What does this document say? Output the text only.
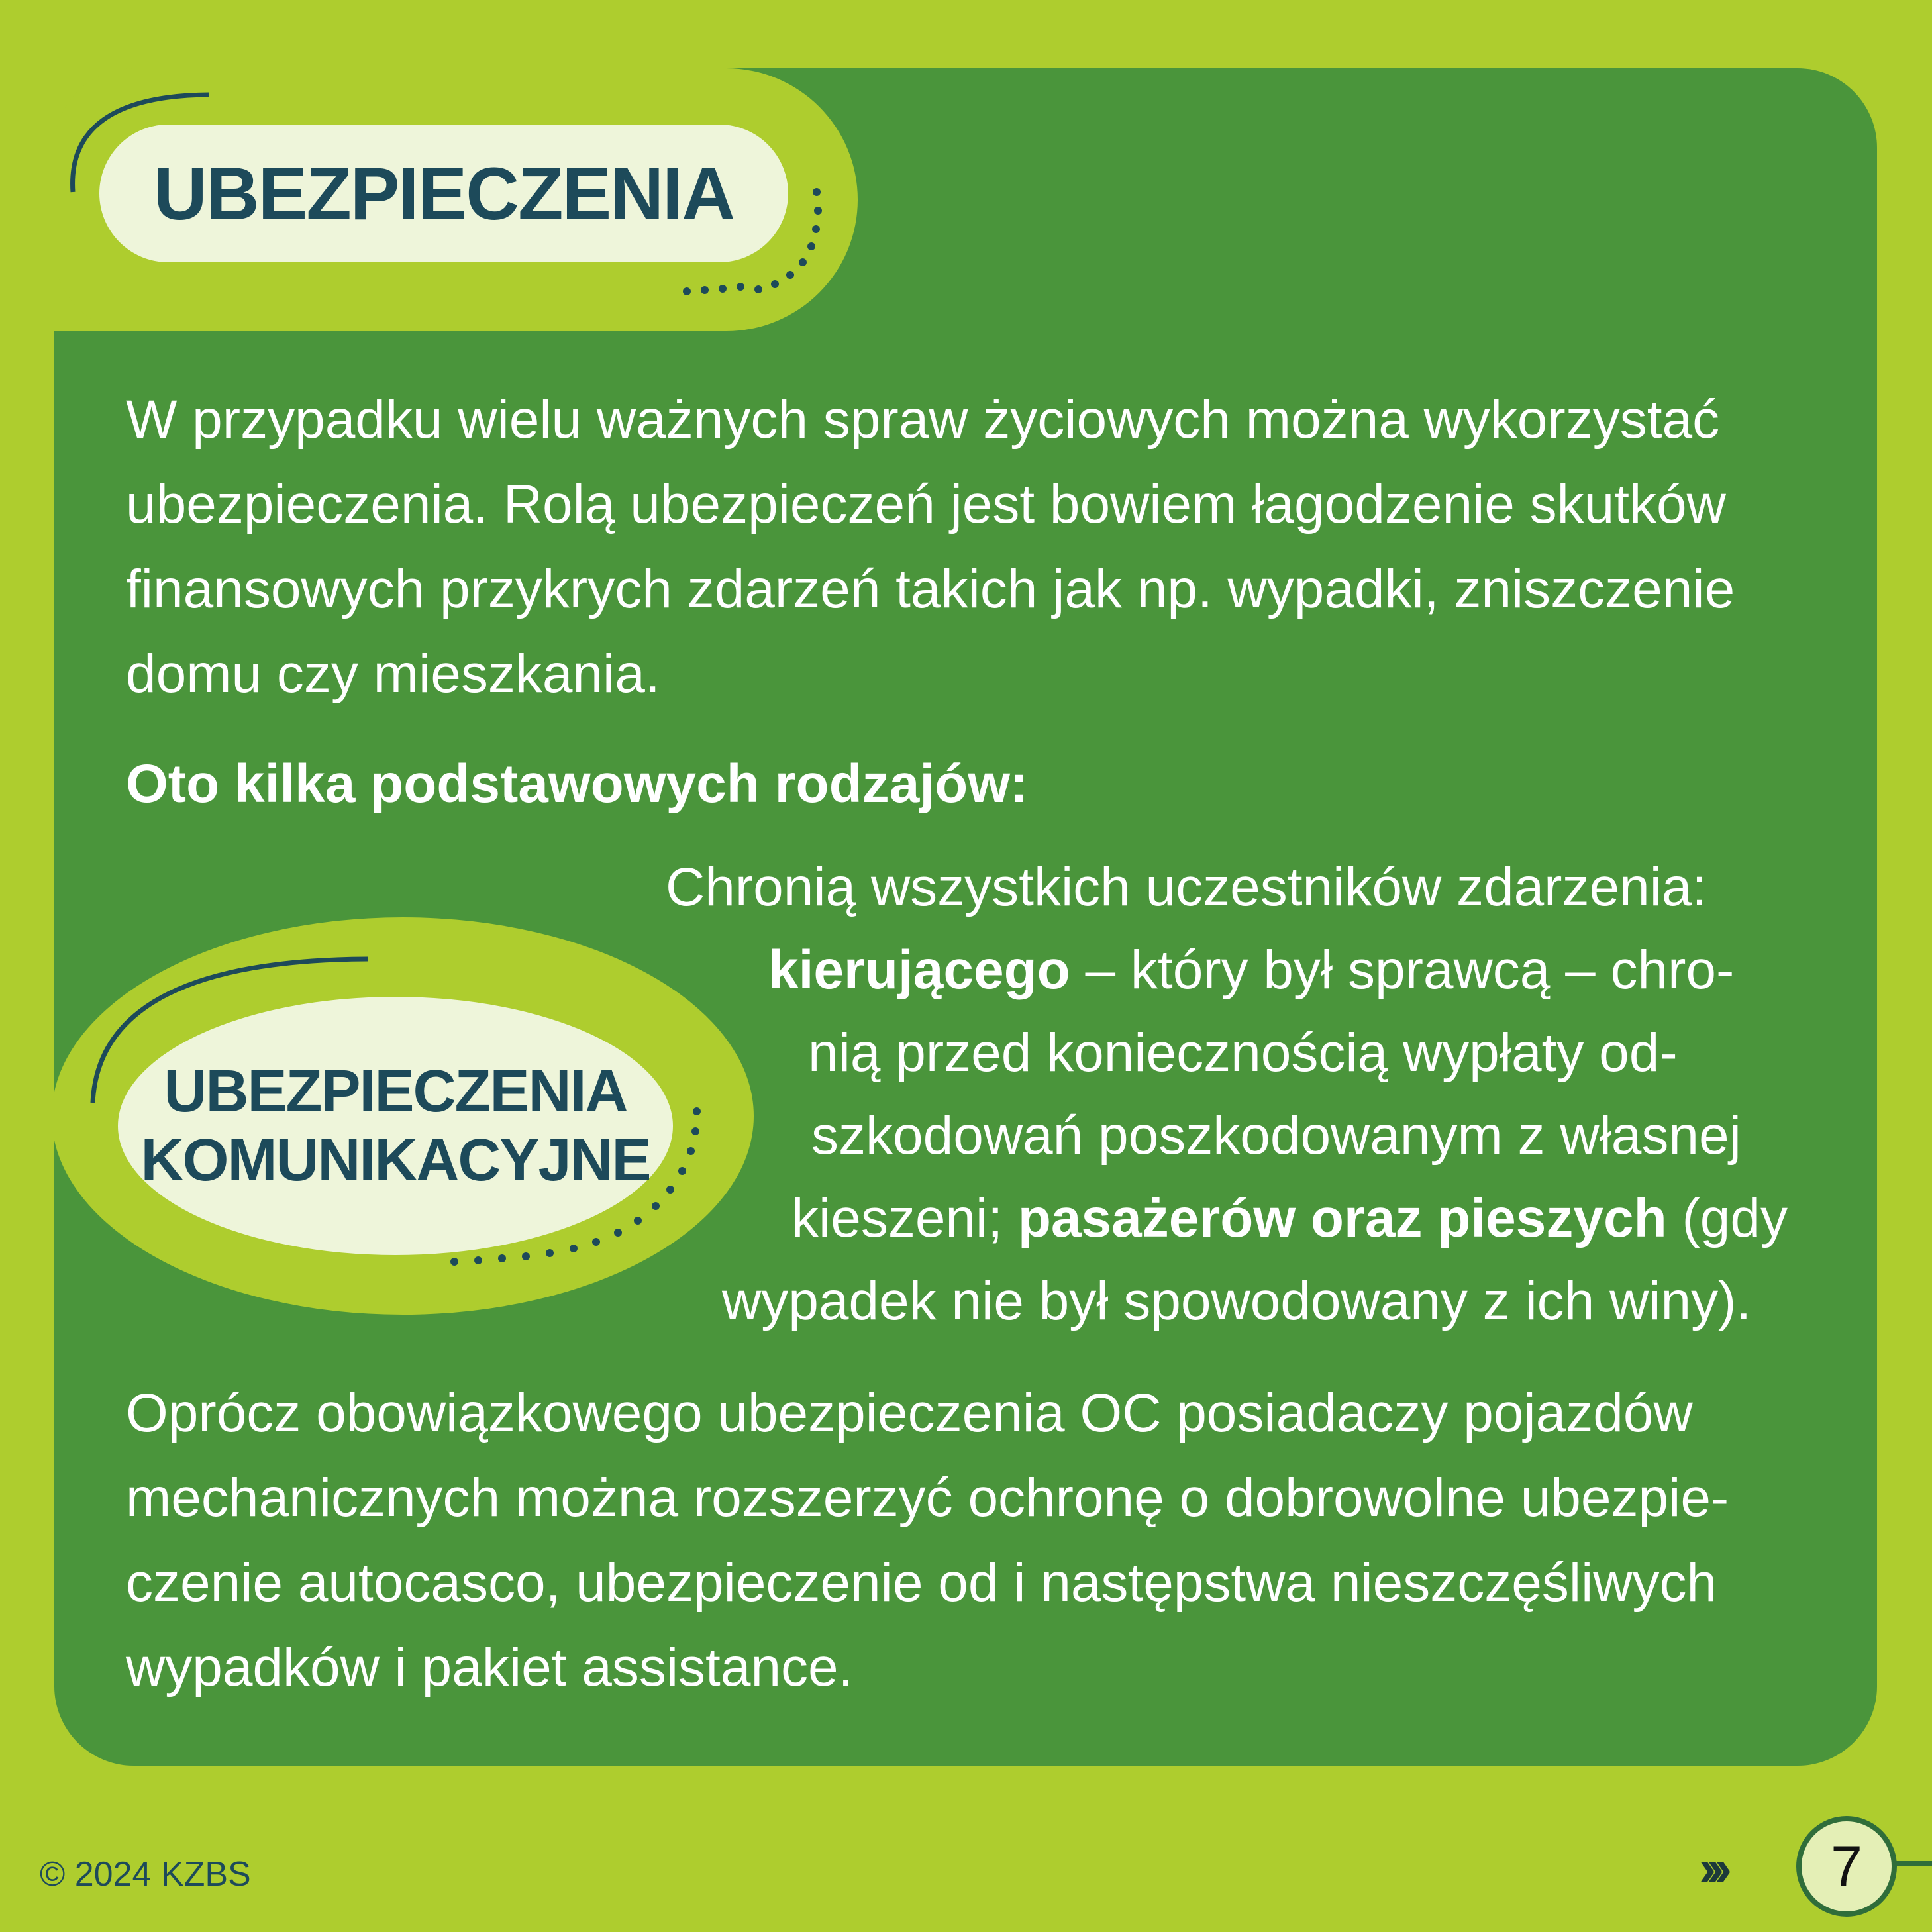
UBEZPIECZENIA
W przypadku wielu ważnych spraw życiowych można wykorzystać ubezpieczenia. Rolą ubezpieczeń jest bowiem łagodzenie skutków finansowych przykrych zdarzeń takich jak np. wypadki, zniszczenie domu czy mieszkania.
Oto kilka podstawowych rodzajów:
UBEZPIECZENIA
KOMUNIKACYJNE
Chronią wszystkich uczestników zdarzenia:
kierującego – który był sprawcą – chro-
nią przed koniecznością wypłaty od-
szkodowań poszkodowanym z własnej
kieszeni; pasażerów oraz pieszych (gdy
wypadek nie był spowodowany z ich winy).
Oprócz obowiązkowego ubezpieczenia OC posiadaczy pojazdów mechanicznych można rozszerzyć ochronę o dobrowolne ubezpie-czenie autocasco, ubezpieczenie od i następstwa nieszczęśliwych wypadków i pakiet assistance.
© 2024 KZBS	›››	7
